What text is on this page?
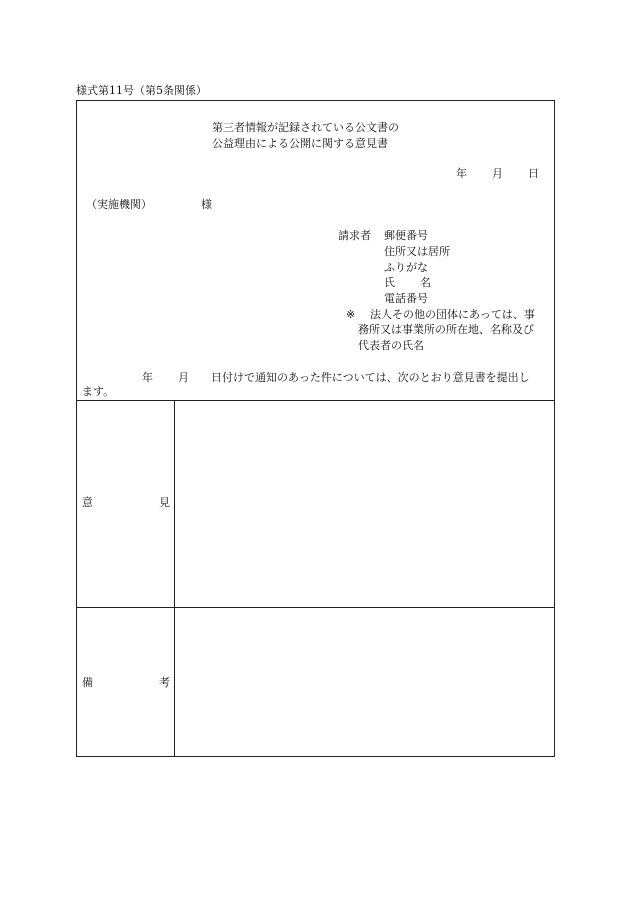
様式第11号（第5条関係）
第三者情報が記録されている公文書の
公益理由による公開に関する意見書
年 月 日
（実施機関）	様
請求者 郵便番号
住所又は居所
ふりがな
氏 名
電話番号
※ 法人その他の団体にあっては、事
務所又は事業所の所在地、名称及び
代表者の氏名
年 月 日付けで通知のあった件については、次のとおり意見書を提出し
ます。
意	見
備	考
